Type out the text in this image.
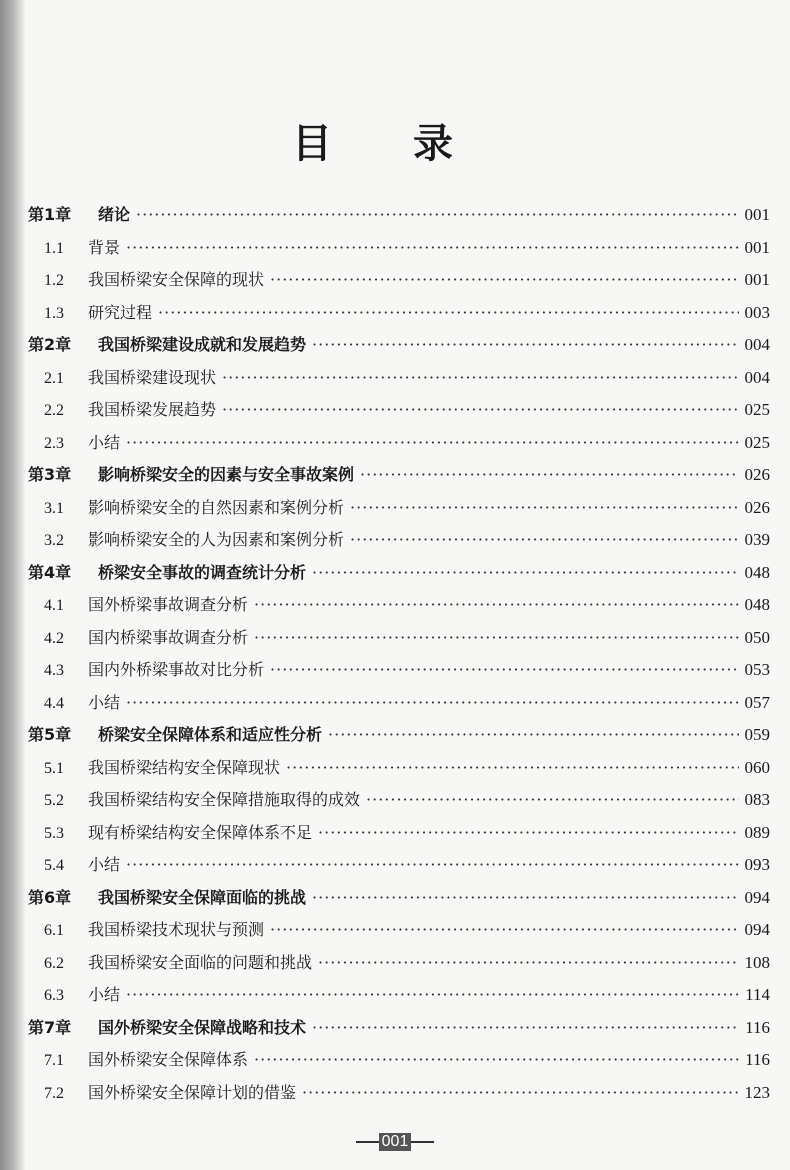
目 录
第1章	绪论 ·····	001
1.1	背景 ·····	001
1.2	我国桥梁安全保障的现状 ·····	001
1.3	研究过程 ·····	003
第2章	我国桥梁建设成就和发展趋势 ·····	004
2.1	我国桥梁建设现状 ·····	004
2.2	我国桥梁发展趋势 ·····	025
2.3	小结 ·····	025
第3章	影响桥梁安全的因素与安全事故案例 ·····	026
3.1	影响桥梁安全的自然因素和案例分析 ·····	026
3.2	影响桥梁安全的人为因素和案例分析 ·····	039
第4章	桥梁安全事故的调查统计分析 ·····	048
4.1	国外桥梁事故调查分析 ·····	048
4.2	国内桥梁事故调查分析 ·····	050
4.3	国内外桥梁事故对比分析 ·····	053
4.4	小结 ·····	057
第5章	桥梁安全保障体系和适应性分析 ·····	059
5.1	我国桥梁结构安全保障现状 ·····	060
5.2	我国桥梁结构安全保障措施取得的成效 ·····	083
5.3	现有桥梁结构安全保障体系不足 ·····	089
5.4	小结 ·····	093
第6章	我国桥梁安全保障面临的挑战 ·····	094
6.1	我国桥梁技术现状与预测 ·····	094
6.2	我国桥梁安全面临的问题和挑战 ·····	108
6.3	小结 ·····	114
第7章	国外桥梁安全保障战略和技术 ·····	116
7.1	国外桥梁安全保障体系 ·····	116
7.2	国外桥梁安全保障计划的借鉴 ·····	123
001
